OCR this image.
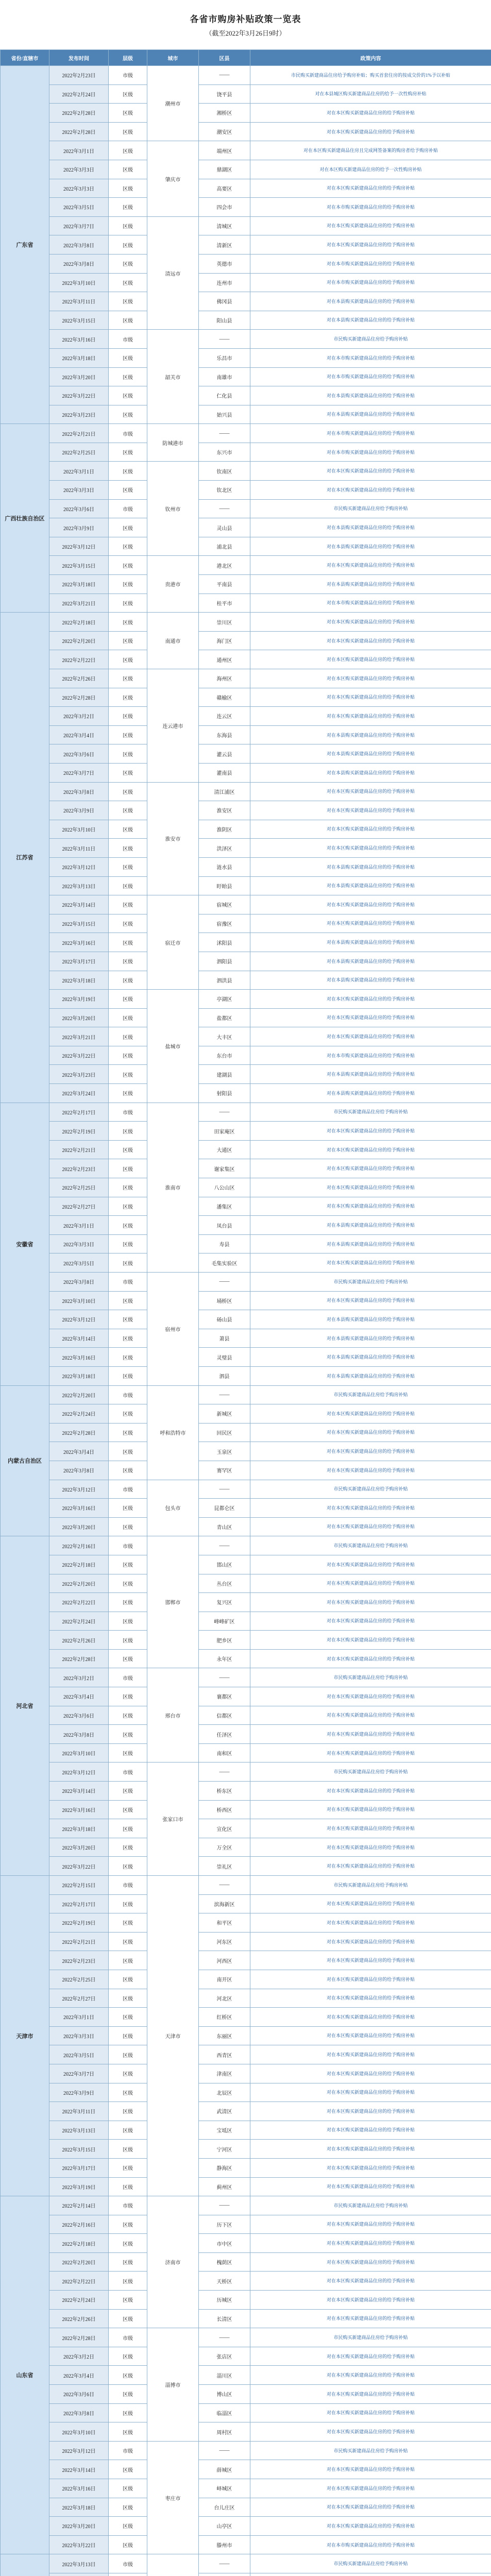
各省市购房补贴政策一览表
（截至2022年3月26日9时）
省份/直辖市	发布时间	层级	城市	区县	政策内容
广东省	2022年2月23日	市级	潮州市	——	市民购买新建商品住房给予购房补贴；购买首套住房的按成交价的1%予以补贴
	2022年2月24日	区级		饶平县	对在本县城区购买新建商品住房的给予一次性购房补贴
	2022年2月28日	区级		湘桥区	对在本区购买新建商品住房的给予购房补贴
	2022年2月28日	区级		潮安区	对在本区购买新建商品住房的给予购房补贴
	2022年3月1日	区级	肇庆市	端州区	对在本区购买新建商品住房且完成网签备案的购房者给予购房补贴
	2022年3月3日	区级		鼎湖区	对在本区购买新建商品住房的给予一次性购房补贴
	2022年3月3日	区级		高要区	对在本区购买新建商品住房的给予购房补贴
	2022年3月5日	区级		四会市	对在本市购买新建商品住房的给予购房补贴
	2022年3月7日	区级	清远市	清城区	对在本区购买新建商品住房的给予购房补贴
	2022年3月8日	区级		清新区	对在本区购买新建商品住房的给予购房补贴
	2022年3月8日	区级		英德市	对在本市购买新建商品住房的给予购房补贴
	2022年3月10日	区级		连州市	对在本市购买新建商品住房的给予购房补贴
	2022年3月11日	区级		佛冈县	对在本县购买新建商品住房的给予购房补贴
	2022年3月15日	区级		阳山县	对在本县购买新建商品住房的给予购房补贴
	2022年3月16日	市级	韶关市	——	市民购买新建商品住房给予购房补贴
	2022年3月18日	区级		乐昌市	对在本市购买新建商品住房的给予购房补贴
	2022年3月20日	区级		南雄市	对在本市购买新建商品住房的给予购房补贴
	2022年3月22日	区级		仁化县	对在本县购买新建商品住房的给予购房补贴
	2022年3月23日	区级		始兴县	对在本县购买新建商品住房的给予购房补贴
广西壮族自治区	2022年2月21日	市级	防城港市	——	对在本市购买新建商品住房的给予购房补贴
	2022年2月25日	区级		东兴市	对在本市购买新建商品住房的给予购房补贴
	2022年3月1日	区级	钦州市	钦南区	对在本区购买新建商品住房的给予购房补贴
	2022年3月3日	区级		钦北区	对在本区购买新建商品住房的给予购房补贴
	2022年3月6日	市级		——	市民购买新建商品住房给予购房补贴
	2022年3月9日	区级		灵山县	对在本县购买新建商品住房的给予购房补贴
	2022年3月12日	区级		浦北县	对在本县购买新建商品住房的给予购房补贴
	2022年3月15日	区级	贵港市	港北区	对在本区购买新建商品住房的给予购房补贴
	2022年3月18日	区级		平南县	对在本县购买新建商品住房的给予购房补贴
	2022年3月21日	区级		桂平市	对在本市购买新建商品住房的给予购房补贴
江苏省	2022年2月18日	区级	南通市	崇川区	对在本区购买新建商品住房的给予购房补贴
	2022年2月20日	区级		海门区	对在本区购买新建商品住房的给予购房补贴
	2022年2月22日	区级		通州区	对在本区购买新建商品住房的给予购房补贴
	2022年2月26日	区级	连云港市	海州区	对在本区购买新建商品住房的给予购房补贴
	2022年2月28日	区级		赣榆区	对在本区购买新建商品住房的给予购房补贴
	2022年3月2日	区级		连云区	对在本区购买新建商品住房的给予购房补贴
	2022年3月4日	区级		东海县	对在本县购买新建商品住房的给予购房补贴
	2022年3月6日	区级		灌云县	对在本县购买新建商品住房的给予购房补贴
	2022年3月7日	区级		灌南县	对在本县购买新建商品住房的给予购房补贴
	2022年3月8日	区级	淮安市	清江浦区	对在本区购买新建商品住房的给予购房补贴
	2022年3月9日	区级		淮安区	对在本区购买新建商品住房的给予购房补贴
	2022年3月10日	区级		淮阴区	对在本区购买新建商品住房的给予购房补贴
	2022年3月11日	区级		洪泽区	对在本区购买新建商品住房的给予购房补贴
	2022年3月12日	区级		涟水县	对在本县购买新建商品住房的给予购房补贴
	2022年3月13日	区级		盱眙县	对在本县购买新建商品住房的给予购房补贴
	2022年3月14日	区级	宿迁市	宿城区	对在本区购买新建商品住房的给予购房补贴
	2022年3月15日	区级		宿豫区	对在本区购买新建商品住房的给予购房补贴
	2022年3月16日	区级		沭阳县	对在本县购买新建商品住房的给予购房补贴
	2022年3月17日	区级		泗阳县	对在本县购买新建商品住房的给予购房补贴
	2022年3月18日	区级		泗洪县	对在本县购买新建商品住房的给予购房补贴
	2022年3月19日	区级	盐城市	亭湖区	对在本区购买新建商品住房的给予购房补贴
	2022年3月20日	区级		盐都区	对在本区购买新建商品住房的给予购房补贴
	2022年3月21日	区级		大丰区	对在本区购买新建商品住房的给予购房补贴
	2022年3月22日	区级		东台市	对在本市购买新建商品住房的给予购房补贴
	2022年3月23日	区级		建湖县	对在本县购买新建商品住房的给予购房补贴
	2022年3月24日	区级		射阳县	对在本县购买新建商品住房的给予购房补贴
安徽省	2022年2月17日	市级	淮南市	——	市民购买新建商品住房给予购房补贴
	2022年2月19日	区级		田家庵区	对在本区购买新建商品住房的给予购房补贴
	2022年2月21日	区级		大通区	对在本区购买新建商品住房的给予购房补贴
	2022年2月23日	区级		谢家集区	对在本区购买新建商品住房的给予购房补贴
	2022年2月25日	区级		八公山区	对在本区购买新建商品住房的给予购房补贴
	2022年2月27日	区级		潘集区	对在本区购买新建商品住房的给予购房补贴
	2022年3月1日	区级		凤台县	对在本县购买新建商品住房的给予购房补贴
	2022年3月3日	区级		寿县	对在本县购买新建商品住房的给予购房补贴
	2022年3月5日	区级		毛集实验区	对在本区购买新建商品住房的给予购房补贴
	2022年3月8日	市级	宿州市	——	市民购买新建商品住房给予购房补贴
	2022年3月10日	区级		埇桥区	对在本区购买新建商品住房的给予购房补贴
	2022年3月12日	区级		砀山县	对在本县购买新建商品住房的给予购房补贴
	2022年3月14日	区级		萧县	对在本县购买新建商品住房的给予购房补贴
	2022年3月16日	区级		灵璧县	对在本县购买新建商品住房的给予购房补贴
	2022年3月18日	区级		泗县	对在本县购买新建商品住房的给予购房补贴
内蒙古自治区	2022年2月20日	市级	呼和浩特市	——	市民购买新建商品住房给予购房补贴
	2022年2月24日	区级		新城区	对在本区购买新建商品住房的给予购房补贴
	2022年2月28日	区级		回民区	对在本区购买新建商品住房的给予购房补贴
	2022年3月4日	区级		玉泉区	对在本区购买新建商品住房的给予购房补贴
	2022年3月8日	区级		赛罕区	对在本区购买新建商品住房的给予购房补贴
	2022年3月12日	市级	包头市	——	市民购买新建商品住房给予购房补贴
	2022年3月16日	区级		昆都仑区	对在本区购买新建商品住房的给予购房补贴
	2022年3月20日	区级		青山区	对在本区购买新建商品住房的给予购房补贴
河北省	2022年2月16日	市级	邯郸市	——	市民购买新建商品住房给予购房补贴
	2022年2月18日	区级		邯山区	对在本区购买新建商品住房的给予购房补贴
	2022年2月20日	区级		丛台区	对在本区购买新建商品住房的给予购房补贴
	2022年2月22日	区级		复兴区	对在本区购买新建商品住房的给予购房补贴
	2022年2月24日	区级		峰峰矿区	对在本区购买新建商品住房的给予购房补贴
	2022年2月26日	区级		肥乡区	对在本区购买新建商品住房的给予购房补贴
	2022年2月28日	区级		永年区	对在本区购买新建商品住房的给予购房补贴
	2022年3月2日	市级	邢台市	——	市民购买新建商品住房给予购房补贴
	2022年3月4日	区级		襄都区	对在本区购买新建商品住房的给予购房补贴
	2022年3月6日	区级		信都区	对在本区购买新建商品住房的给予购房补贴
	2022年3月8日	区级		任泽区	对在本区购买新建商品住房的给予购房补贴
	2022年3月10日	区级		南和区	对在本区购买新建商品住房的给予购房补贴
	2022年3月12日	市级	张家口市	——	市民购买新建商品住房给予购房补贴
	2022年3月14日	区级		桥东区	对在本区购买新建商品住房的给予购房补贴
	2022年3月16日	区级		桥西区	对在本区购买新建商品住房的给予购房补贴
	2022年3月18日	区级		宣化区	对在本区购买新建商品住房的给予购房补贴
	2022年3月20日	区级		万全区	对在本区购买新建商品住房的给予购房补贴
	2022年3月22日	区级		崇礼区	对在本区购买新建商品住房的给予购房补贴
天津市	2022年2月15日	市级	天津市	——	市民购买新建商品住房给予购房补贴
	2022年2月17日	区级		滨海新区	对在本区购买新建商品住房的给予购房补贴
	2022年2月19日	区级		和平区	对在本区购买新建商品住房的给予购房补贴
	2022年2月21日	区级		河东区	对在本区购买新建商品住房的给予购房补贴
	2022年2月23日	区级		河西区	对在本区购买新建商品住房的给予购房补贴
	2022年2月25日	区级		南开区	对在本区购买新建商品住房的给予购房补贴
	2022年2月27日	区级		河北区	对在本区购买新建商品住房的给予购房补贴
	2022年3月1日	区级		红桥区	对在本区购买新建商品住房的给予购房补贴
	2022年3月3日	区级		东丽区	对在本区购买新建商品住房的给予购房补贴
	2022年3月5日	区级		西青区	对在本区购买新建商品住房的给予购房补贴
	2022年3月7日	区级		津南区	对在本区购买新建商品住房的给予购房补贴
	2022年3月9日	区级		北辰区	对在本区购买新建商品住房的给予购房补贴
	2022年3月11日	区级		武清区	对在本区购买新建商品住房的给予购房补贴
	2022年3月13日	区级		宝坻区	对在本区购买新建商品住房的给予购房补贴
	2022年3月15日	区级		宁河区	对在本区购买新建商品住房的给予购房补贴
	2022年3月17日	区级		静海区	对在本区购买新建商品住房的给予购房补贴
	2022年3月19日	区级		蓟州区	对在本区购买新建商品住房的给予购房补贴
山东省	2022年2月14日	市级	济南市	——	市民购买新建商品住房给予购房补贴
	2022年2月16日	区级		历下区	对在本区购买新建商品住房的给予购房补贴
	2022年2月18日	区级		市中区	对在本区购买新建商品住房的给予购房补贴
	2022年2月20日	区级		槐荫区	对在本区购买新建商品住房的给予购房补贴
	2022年2月22日	区级		天桥区	对在本区购买新建商品住房的给予购房补贴
	2022年2月24日	区级		历城区	对在本区购买新建商品住房的给予购房补贴
	2022年2月26日	区级		长清区	对在本区购买新建商品住房的给予购房补贴
	2022年2月28日	市级	淄博市	——	市民购买新建商品住房给予购房补贴
	2022年3月2日	区级		张店区	对在本区购买新建商品住房的给予购房补贴
	2022年3月4日	区级		淄川区	对在本区购买新建商品住房的给予购房补贴
	2022年3月6日	区级		博山区	对在本区购买新建商品住房的给予购房补贴
	2022年3月8日	区级		临淄区	对在本区购买新建商品住房的给予购房补贴
	2022年3月10日	区级		周村区	对在本区购买新建商品住房的给予购房补贴
	2022年3月12日	市级	枣庄市	——	市民购买新建商品住房给予购房补贴
	2022年3月14日	区级		薛城区	对在本区购买新建商品住房的给予购房补贴
	2022年3月16日	区级		峄城区	对在本区购买新建商品住房的给予购房补贴
	2022年3月18日	区级		台儿庄区	对在本区购买新建商品住房的给予购房补贴
	2022年3月20日	区级		山亭区	对在本区购买新建商品住房的给予购房补贴
	2022年3月22日	区级		滕州市	对在本市购买新建商品住房的给予购房补贴
	2022年3月13日	市级		——	市民购买新建商品住房给予购房补贴
